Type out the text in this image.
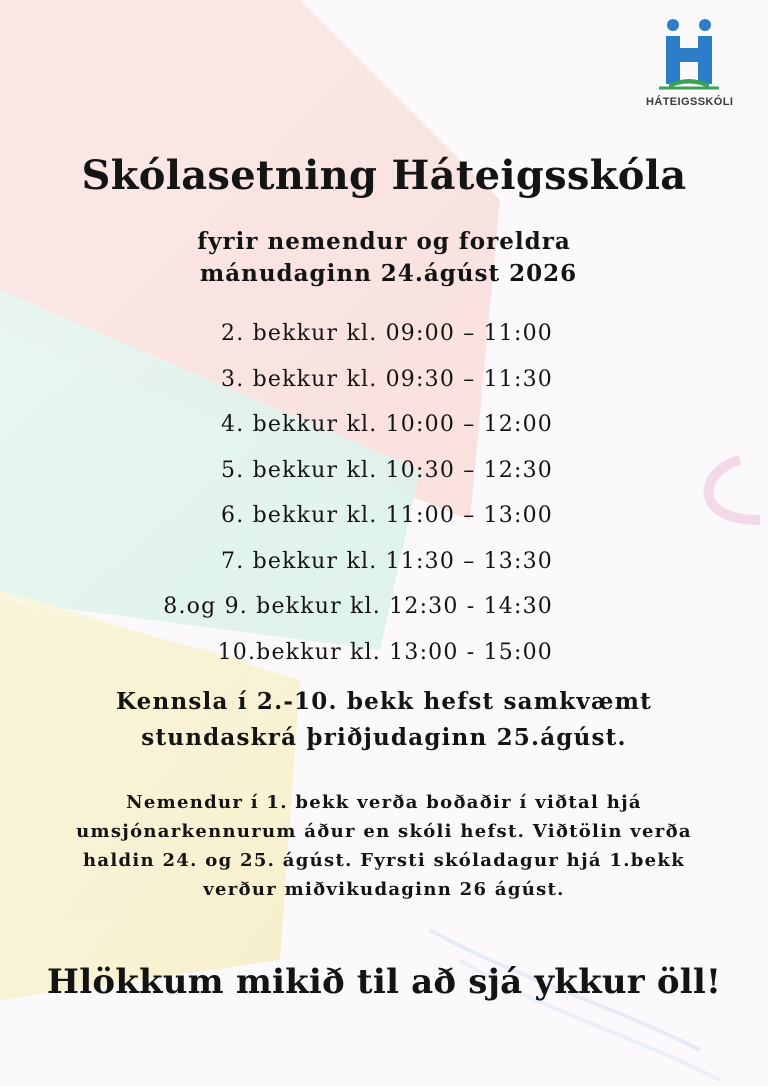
HÁTEIGSSKÓLI
Skólasetning Háteigsskóla
fyrir nemendur og foreldra
mánudaginn 24.ágúst 2026
2. bekkur kl. 09:00 – 11:00
3. bekkur kl. 09:30 – 11:30
4. bekkur kl. 10:00 – 12:00
5. bekkur kl. 10:30 – 12:30
6. bekkur kl. 11:00 – 13:00
7. bekkur kl. 11:30 – 13:30
8.og 9. bekkur kl. 12:30 - 14:30
10.bekkur kl. 13:00 - 15:00
Kennsla í 2.-10. bekk hefst samkvæmt
stundaskrá þriðjudaginn 25.ágúst.
Nemendur í 1. bekk verða boðaðir í viðtal hjá
umsjónarkennurum áður en skóli hefst. Viðtölin verða
haldin 24. og 25. ágúst. Fyrsti skóladagur hjá 1.bekk
verður miðvikudaginn 26 ágúst.
Hlökkum mikið til að sjá ykkur öll!
